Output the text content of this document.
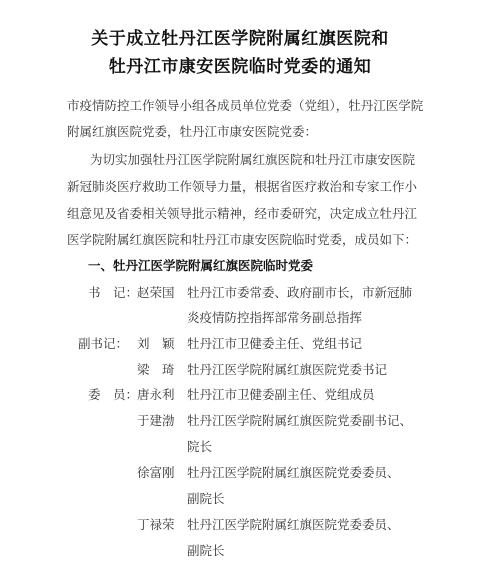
关于成立牡丹江医学院附属红旗医院和
牡丹江市康安医院临时党委的通知
市疫情防控工作领导小组各成员单位党委（党组），牡丹江医学院
附属红旗医院党委，牡丹江市康安医院党委：
为切实加强牡丹江医学院附属红旗医院和牡丹江市康安医院
新冠肺炎医疗救助工作领导力量，根据省医疗救治和专家工作小
组意见及省委相关领导批示精神，经市委研究，决定成立牡丹江
医学院附属红旗医院和牡丹江市康安医院临时党委，成员如下：
一、牡丹江医学院附属红旗医院临时党委
书　记：
赵荣国 牡丹江市委常委、政府副市长，市新冠肺
炎疫情防控指挥部常务副总指挥
副书记： 刘　颖 牡丹江市卫健委主任、党组书记
梁　琦 牡丹江医学院附属红旗医院党委书记
委　员：
唐永利 牡丹江市卫健委副主任、党组成员
于建渤 牡丹江医学院附属红旗医院党委副书记、
院长
徐富刚 牡丹江医学院附属红旗医院党委委员、
副院长
丁禄荣 牡丹江医学院附属红旗医院党委委员、
副院长
